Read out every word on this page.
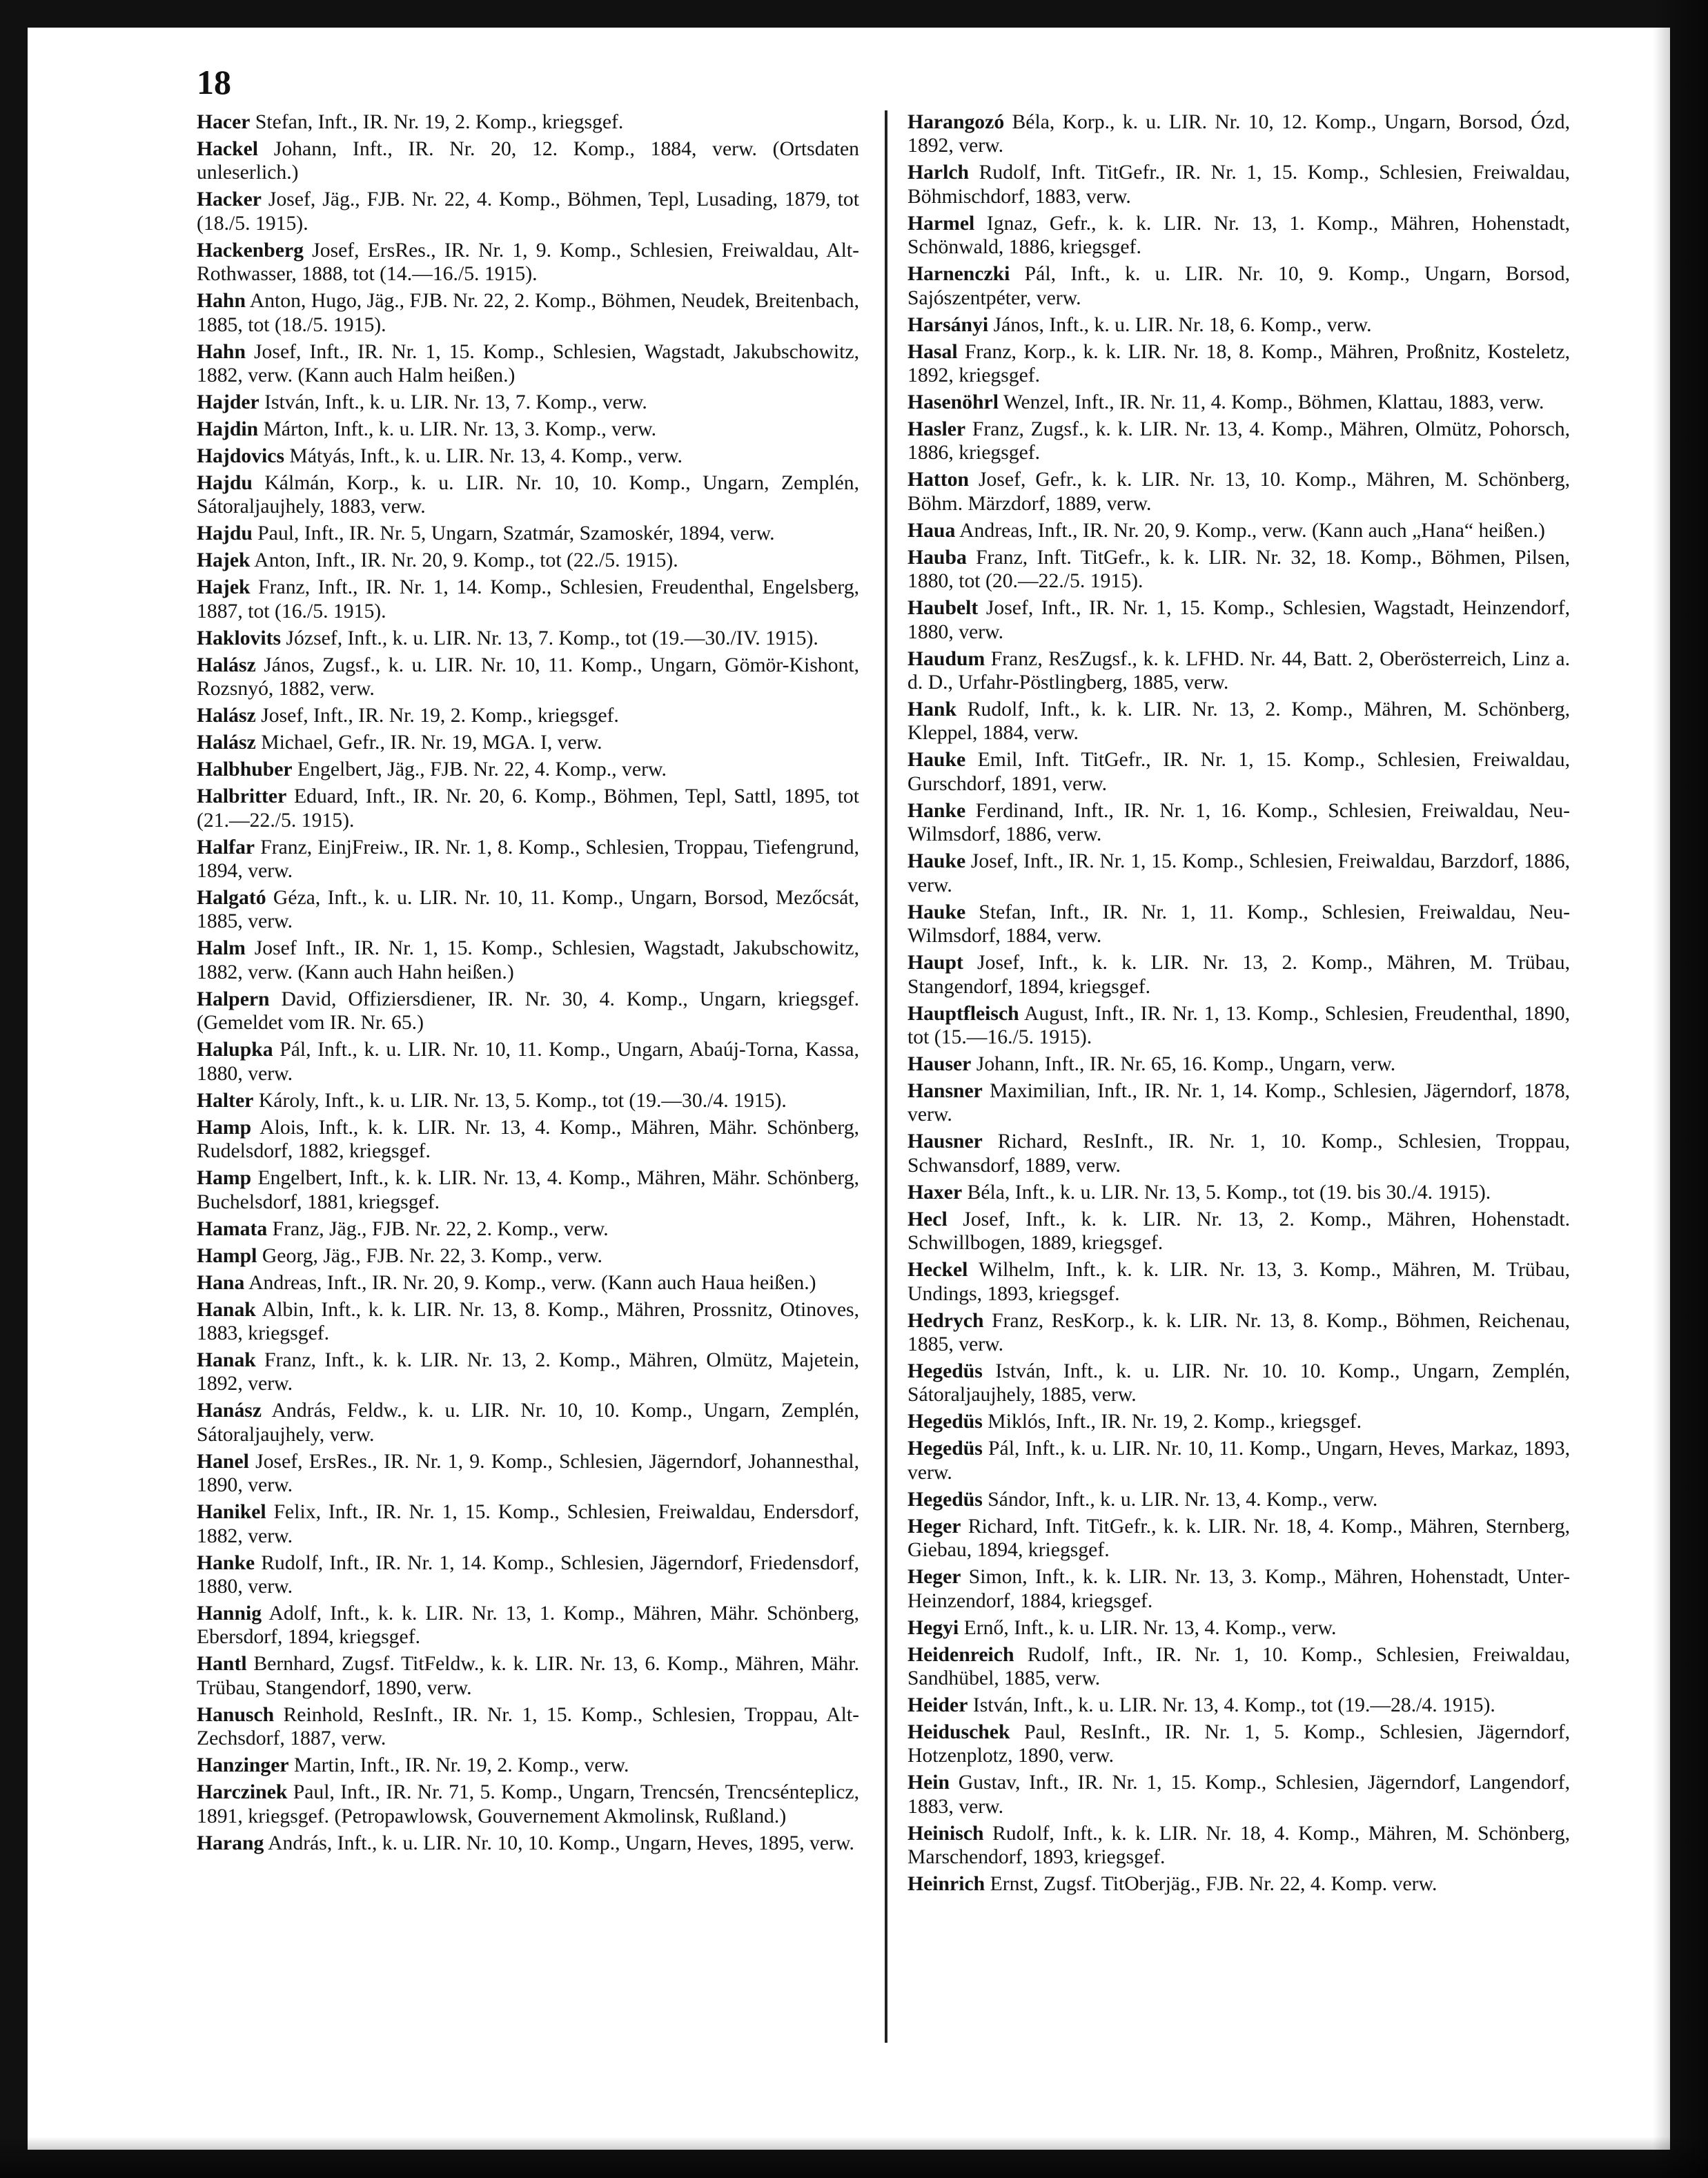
18

Hacer Stefan, Inft., IR. Nr. 19, 2. Komp., kriegsgef.

Hackel Johann, Inft., IR. Nr. 20, 12. Komp., 1884, verw. (Ortsdaten unleserlich.)

Hacker Josef, Jäg., FJB. Nr. 22, 4. Komp., Böhmen, Tepl, Lusading, 1879, tot (18./5. 1915).

Hackenberg Josef, ErsRes., IR. Nr. 1, 9. Komp., Schlesien, Freiwaldau, Alt-Rothwasser, 1888, tot (14.—16./5. 1915).

Hahn Anton, Hugo, Jäg., FJB. Nr. 22, 2. Komp., Böhmen, Neudek, Breitenbach, 1885, tot (18./5. 1915).

Hahn Josef, Inft., IR. Nr. 1, 15. Komp., Schlesien, Wagstadt, Jakubschowitz, 1882, verw. (Kann auch Halm heißen.)

Hajder István, Inft., k. u. LIR. Nr. 13, 7. Komp., verw.

Hajdin Márton, Inft., k. u. LIR. Nr. 13, 3. Komp., verw.

Hajdovics Mátyás, Inft., k. u. LIR. Nr. 13, 4. Komp., verw.

Hajdu Kálmán, Korp., k. u. LIR. Nr. 10, 10. Komp., Ungarn, Zemplén, Sátoraljaujhely, 1883, verw.

Hajdu Paul, Inft., IR. Nr. 5, Ungarn, Szatmár, Szamoskér, 1894, verw.

Hajek Anton, Inft., IR. Nr. 20, 9. Komp., tot (22./5. 1915).

Hajek Franz, Inft., IR. Nr. 1, 14. Komp., Schlesien, Freudenthal, Engelsberg, 1887, tot (16./5. 1915).

Haklovits József, Inft., k. u. LIR. Nr. 13, 7. Komp., tot (19.—30./IV. 1915).

Halász János, Zugsf., k. u. LIR. Nr. 10, 11. Komp., Ungarn, Gömör-Kishont, Rozsnyó, 1882, verw.

Halász Josef, Inft., IR. Nr. 19, 2. Komp., kriegsgef.

Halász Michael, Gefr., IR. Nr. 19, MGA. I, verw.

Halbhuber Engelbert, Jäg., FJB. Nr. 22, 4. Komp., verw.

Halbritter Eduard, Inft., IR. Nr. 20, 6. Komp., Böhmen, Tepl, Sattl, 1895, tot (21.—22./5. 1915).

Halfar Franz, EinjFreiw., IR. Nr. 1, 8. Komp., Schlesien, Troppau, Tiefengrund, 1894, verw.

Halgató Géza, Inft., k. u. LIR. Nr. 10, 11. Komp., Ungarn, Borsod, Mezőcsát, 1885, verw.

Halm Josef Inft., IR. Nr. 1, 15. Komp., Schlesien, Wagstadt, Jakubschowitz, 1882, verw. (Kann auch Hahn heißen.)

Halpern David, Offiziersdiener, IR. Nr. 30, 4. Komp., Ungarn, kriegsgef. (Gemeldet vom IR. Nr. 65.)

Halupka Pál, Inft., k. u. LIR. Nr. 10, 11. Komp., Ungarn, Abaúj-Torna, Kassa, 1880, verw.

Halter Károly, Inft., k. u. LIR. Nr. 13, 5. Komp., tot (19.—30./4. 1915).

Hamp Alois, Inft., k. k. LIR. Nr. 13, 4. Komp., Mähren, Mähr. Schönberg, Rudelsdorf, 1882, kriegsgef.

Hamp Engelbert, Inft., k. k. LIR. Nr. 13, 4. Komp., Mähren, Mähr. Schönberg, Buchelsdorf, 1881, kriegsgef.

Hamata Franz, Jäg., FJB. Nr. 22, 2. Komp., verw.

Hampl Georg, Jäg., FJB. Nr. 22, 3. Komp., verw.

Hana Andreas, Inft., IR. Nr. 20, 9. Komp., verw. (Kann auch Haua heißen.)

Hanak Albin, Inft., k. k. LIR. Nr. 13, 8. Komp., Mähren, Prossnitz, Otinoves, 1883, kriegsgef.

Hanak Franz, Inft., k. k. LIR. Nr. 13, 2. Komp., Mähren, Olmütz, Majetein, 1892, verw.

Hanász András, Feldw., k. u. LIR. Nr. 10, 10. Komp., Ungarn, Zemplén, Sátoraljaujhely, verw.

Hanel Josef, ErsRes., IR. Nr. 1, 9. Komp., Schlesien, Jägerndorf, Johannesthal, 1890, verw.

Hanikel Felix, Inft., IR. Nr. 1, 15. Komp., Schlesien, Freiwaldau, Endersdorf, 1882, verw.

Hanke Rudolf, Inft., IR. Nr. 1, 14. Komp., Schlesien, Jägerndorf, Friedensdorf, 1880, verw.

Hannig Adolf, Inft., k. k. LIR. Nr. 13, 1. Komp., Mähren, Mähr. Schönberg, Ebersdorf, 1894, kriegsgef.

Hantl Bernhard, Zugsf. TitFeldw., k. k. LIR. Nr. 13, 6. Komp., Mähren, Mähr. Trübau, Stangendorf, 1890, verw.

Hanusch Reinhold, ResInft., IR. Nr. 1, 15. Komp., Schlesien, Troppau, Alt-Zechsdorf, 1887, verw.

Hanzinger Martin, Inft., IR. Nr. 19, 2. Komp., verw.

Harczinek Paul, Inft., IR. Nr. 71, 5. Komp., Ungarn, Trencsén, Trencsénteplicz, 1891, kriegsgef. (Petropawlowsk, Gouvernement Akmolinsk, Rußland.)

Harang András, Inft., k. u. LIR. Nr. 10, 10. Komp., Ungarn, Heves, 1895, verw.

Harangozó Béla, Korp., k. u. LIR. Nr. 10, 12. Komp., Ungarn, Borsod, Ózd, 1892, verw.

Harlch Rudolf, Inft. TitGefr., IR. Nr. 1, 15. Komp., Schlesien, Freiwaldau, Böhmischdorf, 1883, verw.

Harmel Ignaz, Gefr., k. k. LIR. Nr. 13, 1. Komp., Mähren, Hohenstadt, Schönwald, 1886, kriegsgef.

Harnenczki Pál, Inft., k. u. LIR. Nr. 10, 9. Komp., Ungarn, Borsod, Sajószentpéter, verw.

Harsányi János, Inft., k. u. LIR. Nr. 18, 6. Komp., verw.

Hasal Franz, Korp., k. k. LIR. Nr. 18, 8. Komp., Mähren, Proßnitz, Kosteletz, 1892, kriegsgef.

Hasenöhrl Wenzel, Inft., IR. Nr. 11, 4. Komp., Böhmen, Klattau, 1883, verw.

Hasler Franz, Zugsf., k. k. LIR. Nr. 13, 4. Komp., Mähren, Olmütz, Pohorsch, 1886, kriegsgef.

Hatton Josef, Gefr., k. k. LIR. Nr. 13, 10. Komp., Mähren, M. Schönberg, Böhm. Märzdorf, 1889, verw.

Haua Andreas, Inft., IR. Nr. 20, 9. Komp., verw. (Kann auch „Hana“ heißen.)

Hauba Franz, Inft. TitGefr., k. k. LIR. Nr. 32, 18. Komp., Böhmen, Pilsen, 1880, tot (20.—22./5. 1915).

Haubelt Josef, Inft., IR. Nr. 1, 15. Komp., Schlesien, Wagstadt, Heinzendorf, 1880, verw.

Haudum Franz, ResZugsf., k. k. LFHD. Nr. 44, Batt. 2, Oberösterreich, Linz a. d. D., Urfahr-Pöstlingberg, 1885, verw.

Hank Rudolf, Inft., k. k. LIR. Nr. 13, 2. Komp., Mähren, M. Schönberg, Kleppel, 1884, verw.

Hauke Emil, Inft. TitGefr., IR. Nr. 1, 15. Komp., Schlesien, Freiwaldau, Gurschdorf, 1891, verw.

Hanke Ferdinand, Inft., IR. Nr. 1, 16. Komp., Schlesien, Freiwaldau, Neu-Wilmsdorf, 1886, verw.

Hauke Josef, Inft., IR. Nr. 1, 15. Komp., Schlesien, Freiwaldau, Barzdorf, 1886, verw.

Hauke Stefan, Inft., IR. Nr. 1, 11. Komp., Schlesien, Freiwaldau, Neu-Wilmsdorf, 1884, verw.

Haupt Josef, Inft., k. k. LIR. Nr. 13, 2. Komp., Mähren, M. Trübau, Stangendorf, 1894, kriegsgef.

Hauptfleisch August, Inft., IR. Nr. 1, 13. Komp., Schlesien, Freudenthal, 1890, tot (15.—16./5. 1915).

Hauser Johann, Inft., IR. Nr. 65, 16. Komp., Ungarn, verw.

Hansner Maximilian, Inft., IR. Nr. 1, 14. Komp., Schlesien, Jägerndorf, 1878, verw.

Hausner Richard, ResInft., IR. Nr. 1, 10. Komp., Schlesien, Troppau, Schwansdorf, 1889, verw.

Haxer Béla, Inft., k. u. LIR. Nr. 13, 5. Komp., tot (19. bis 30./4. 1915).

Hecl Josef, Inft., k. k. LIR. Nr. 13, 2. Komp., Mähren, Hohenstadt. Schwillbogen, 1889, kriegsgef.

Heckel Wilhelm, Inft., k. k. LIR. Nr. 13, 3. Komp., Mähren, M. Trübau, Undings, 1893, kriegsgef.

Hedrych Franz, ResKorp., k. k. LIR. Nr. 13, 8. Komp., Böhmen, Reichenau, 1885, verw.

Hegedüs István, Inft., k. u. LIR. Nr. 10. 10. Komp., Ungarn, Zemplén, Sátoraljaujhely, 1885, verw.

Hegedüs Miklós, Inft., IR. Nr. 19, 2. Komp., kriegsgef.

Hegedüs Pál, Inft., k. u. LIR. Nr. 10, 11. Komp., Ungarn, Heves, Markaz, 1893, verw.

Hegedüs Sándor, Inft., k. u. LIR. Nr. 13, 4. Komp., verw.

Heger Richard, Inft. TitGefr., k. k. LIR. Nr. 18, 4. Komp., Mähren, Sternberg, Giebau, 1894, kriegsgef.

Heger Simon, Inft., k. k. LIR. Nr. 13, 3. Komp., Mähren, Hohenstadt, Unter-Heinzendorf, 1884, kriegsgef.

Hegyi Ernő, Inft., k. u. LIR. Nr. 13, 4. Komp., verw.

Heidenreich Rudolf, Inft., IR. Nr. 1, 10. Komp., Schlesien, Freiwaldau, Sandhübel, 1885, verw.

Heider István, Inft., k. u. LIR. Nr. 13, 4. Komp., tot (19.—28./4. 1915).

Heiduschek Paul, ResInft., IR. Nr. 1, 5. Komp., Schlesien, Jägerndorf, Hotzenplotz, 1890, verw.

Hein Gustav, Inft., IR. Nr. 1, 15. Komp., Schlesien, Jägerndorf, Langendorf, 1883, verw.

Heinisch Rudolf, Inft., k. k. LIR. Nr. 18, 4. Komp., Mähren, M. Schönberg, Marschendorf, 1893, kriegsgef.

Heinrich Ernst, Zugsf. TitOberjäg., FJB. Nr. 22, 4. Komp. verw.
